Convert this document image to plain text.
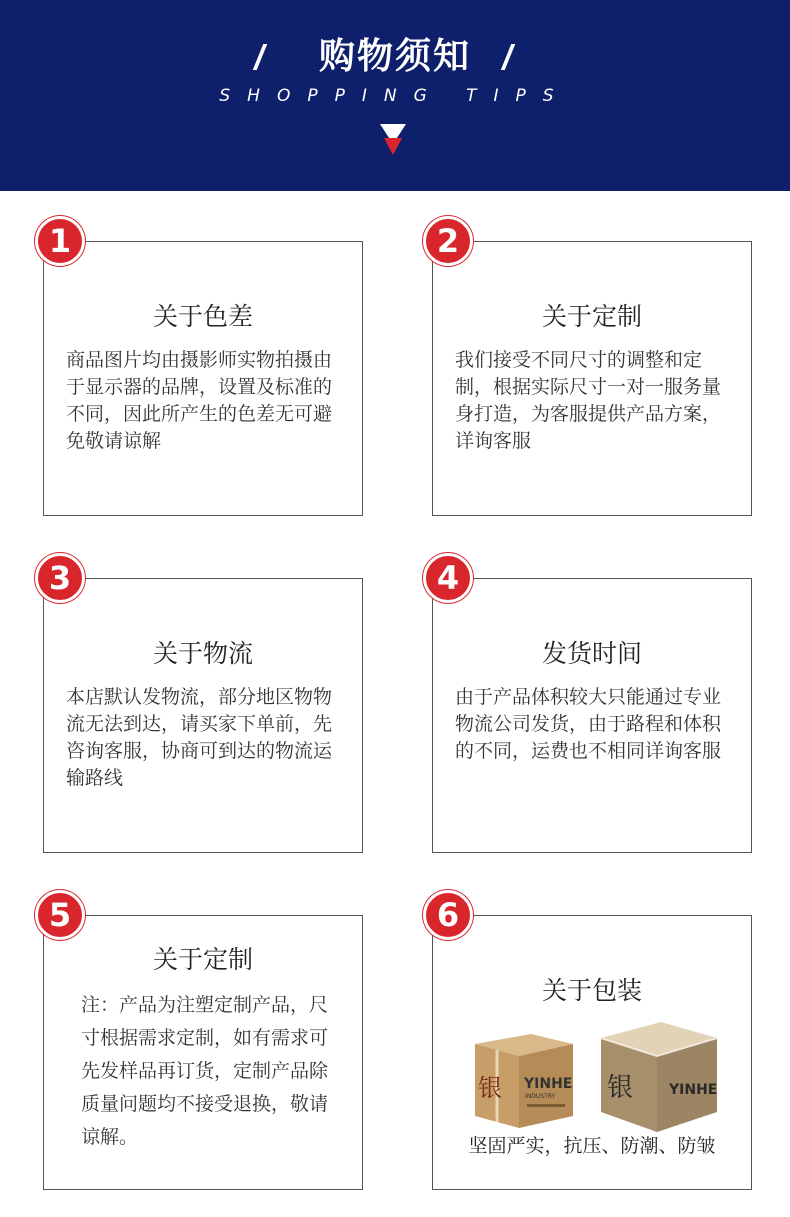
购物须知
SHOPPING TIPS
关于色差
商品图片均由摄影师实物拍摄由于显示器的品牌，设置及标准的不同，因此所产生的色差无可避免敬请谅解
1
关于定制
我们接受不同尺寸的调整和定制，根据实际尺寸一对一服务量身打造，为客服提供产品方案，详询客服
2
关于物流
本店默认发物流，部分地区物物流无法到达，请买家下单前，先咨询客服，协商可到达的物流运输路线
3
发货时间
由于产品体积较大只能通过专业物流公司发货，由于路程和体积的不同，运费也不相同详询客服
4
关于定制
注：产品为注塑定制产品，尺寸根据需求定制，如有需求可先发样品再订货，定制产品除质量问题均不接受退换，敬请谅解。
5
关于包装
银 YINHE
INDUSTRY 银	YINHE
坚固严实，抗压、防潮、防皱
6
